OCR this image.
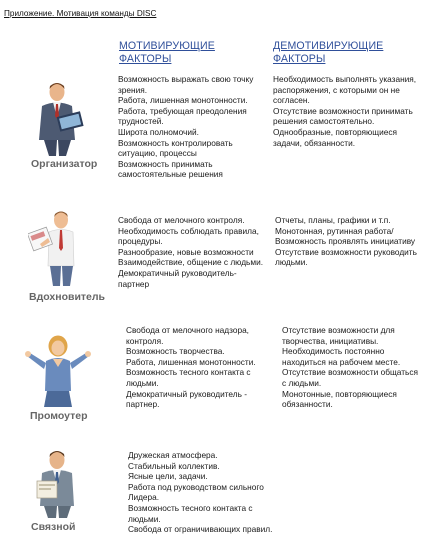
Приложение. Мотивация команды DISC
МОТИВИРУЮЩИЕ ФАКТОРЫ
ДЕМОТИВИРУЮЩИЕ
ФАКТОРЫ
Организатор

Возможность выражать свою точку

зрения.

Работа, лишенная монотонности.

Работа, требующая преодоления

трудностей.

Широта полномочий.

Возможность контролировать

ситуацию, процессы

Возможность принимать

самостоятельные решения

Необходимость выполнять указания,

распоряжения, с которыми он не

согласен.

Отсутствие возможности принимать

решения самостоятельно.

Однообразные, повторяющиеся

задачи, обязанности.

Вдохновитель

Свобода от мелочного контроля.

Необходимость соблюдать правила,

процедуры.

Разнообразие, новые возможности

Взаимодействие, общение с людьми.

Демократичный руководитель-

партнер

Отчеты, планы, графики и т.п.

Монотонная, рутинная работа/

Возможность проявлять инициативу

Отсутствие возможности руководить

людьми.

Промоутер

Свобода от мелочного надзора,

контроля.

Возможность творчества.

Работа, лишенная монотонности.

Возможность тесного контакта с

людьми.

Демократичный руководитель -

партнер.

Отсутствие возможности для

творчества, инициативы.

Необходимость постоянно

находиться на рабочем месте.

Отсутствие возможности общаться

с людьми.

Монотонные, повторяющиеся

обязанности.

Связной

Дружеская атмосфера.

Стабильный коллектив.

Ясные цели, задачи.

Работа под руководством сильного

Лидера.

Возможность тесного контакта с

людьми.

Свобода от ограничивающих правил.
